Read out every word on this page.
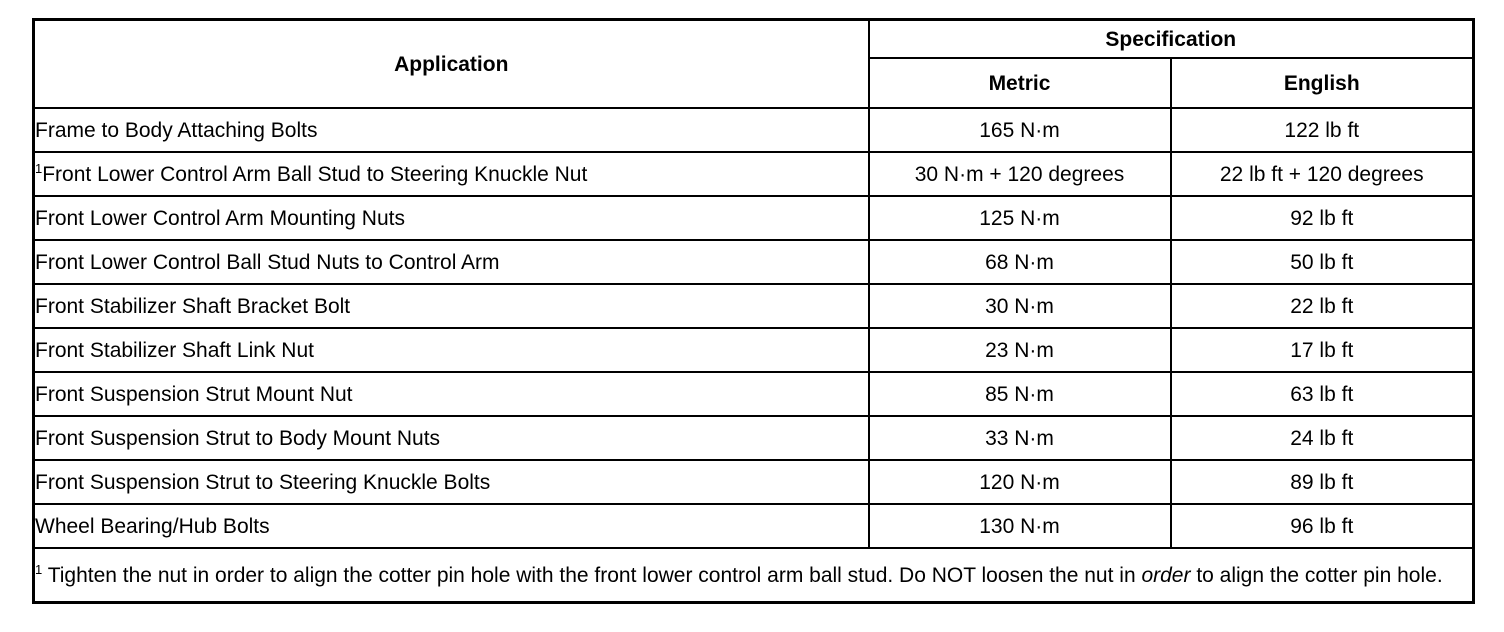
Application	Specification	
	Metric	English
Frame to Body Attaching Bolts	165 N·m	122 lb ft
$^1$Front Lower Control Arm Ball Stud to Steering Knuckle Nut	30 N·m + 120 degrees	22 lb ft + 120 degrees
Front Lower Control Arm Mounting Nuts	125 N·m	92 lb ft
Front Lower Control Ball Stud Nuts to Control Arm	68 N·m	50 lb ft
Front Stabilizer Shaft Bracket Bolt	30 N·m	22 lb ft
Front Stabilizer Shaft Link Nut	23 N·m	17 lb ft
Front Suspension Strut Mount Nut	85 N·m	63 lb ft
Front Suspension Strut to Body Mount Nuts	33 N·m	24 lb ft
Front Suspension Strut to Steering Knuckle Bolts	120 N·m	89 lb ft
Wheel Bearing/Hub Bolts	130 N·m	96 lb ft
$^1$ Tighten the nut in order to align the cotter pin hole with the front lower control arm ball stud. Do NOT loosen the nut in order to align the cotter pin hole.		
